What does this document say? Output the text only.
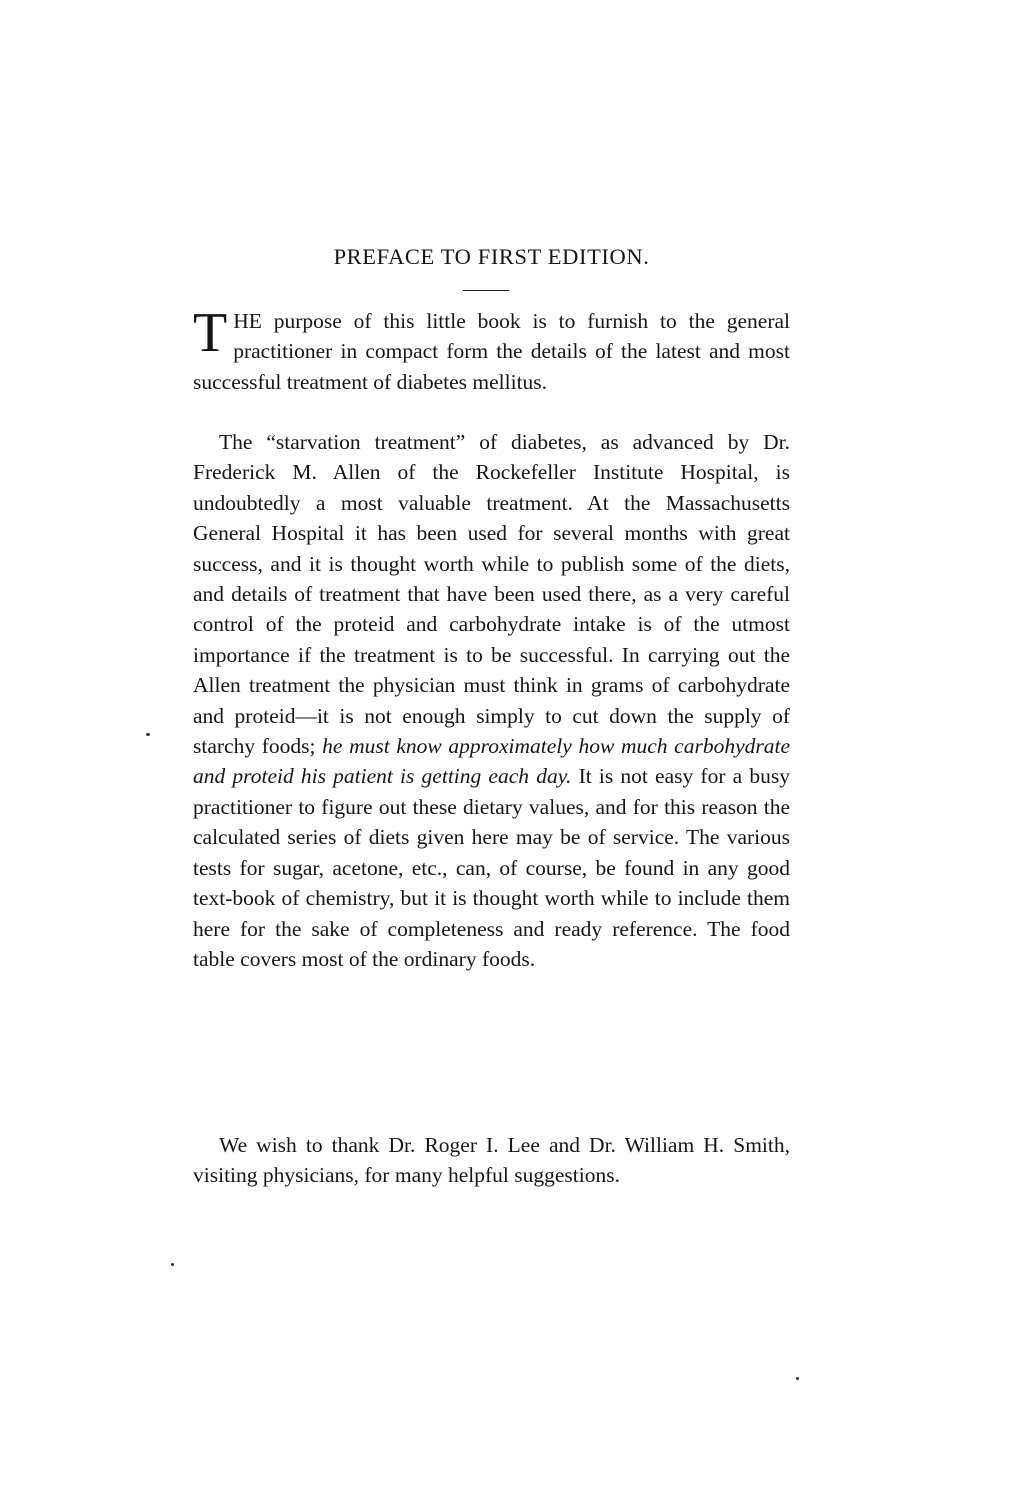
PREFACE TO FIRST EDITION.

THE purpose of this little book is to furnish to the general practitioner in compact form the details of the latest and most successful treatment of diabetes mellitus.

The “starvation treatment” of diabetes, as advanced by Dr. Frederick M. Allen of the Rockefeller Institute Hospital, is undoubtedly a most valuable treatment. At the Massachusetts General Hospital it has been used for several months with great success, and it is thought worth while to publish some of the diets, and details of treatment that have been used there, as a very careful control of the proteid and carbohydrate intake is of the utmost importance if the treatment is to be successful. In carrying out the Allen treatment the physician must think in grams of carbohydrate and proteid—it is not enough simply to cut down the supply of starchy foods; he must know approximately how much carbohydrate and proteid his patient is getting each day. It is not easy for a busy practitioner to figure out these dietary values, and for this reason the calculated series of diets given here may be of service. The various tests for sugar, acetone, etc., can, of course, be found in any good text-book of chemistry, but it is thought worth while to include them here for the sake of completeness and ready reference. The food table covers most of the ordinary foods.

We wish to thank Dr. Roger I. Lee and Dr. William H. Smith, visiting physicians, for many helpful suggestions.
